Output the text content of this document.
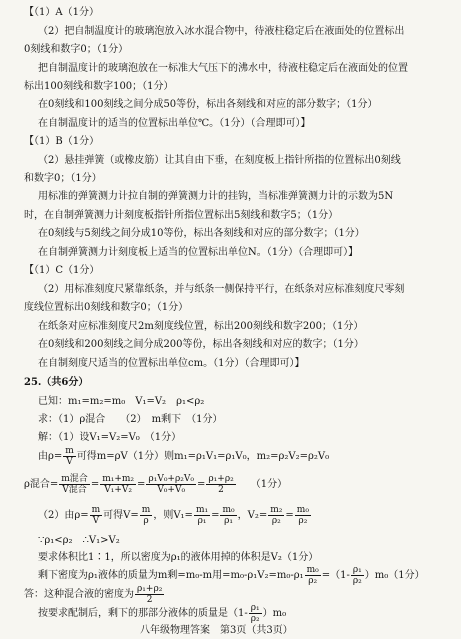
【（1）A（1分）
（2）把自制温度计的玻璃泡放入冰水混合物中，待液柱稳定后在液面处的位置标出
0刻线和数字0；（1分）
把自制温度计的玻璃泡放在一标准大气压下的沸水中，待液柱稳定后在液面处的位置
标出100刻线和数字100；（1分）
在0刻线和100刻线之间分成50等份，标出各刻线和对应的部分数字；（1分）
在自制温度计的适当的位置标出单位℃。（1分）（合理即可）】
【（1）B（1分）
（2）悬挂弹簧（或橡皮筋）让其自由下垂，在刻度板上指针所指的位置标出0刻线
和数字0；（1分）
用标准的弹簧测力计拉自制的弹簧测力计的挂钩，当标准弹簧测力计的示数为5N
时，在自制弹簧测力计刻度板指针所指位置标出5刻线和数字5；（1分）
在0刻线与5刻线之间分成10等份，标出各刻线和对应的部分数字；（1分）
在自制弹簧测力计刻度板上适当的位置标出单位N。（1分）（合理即可）】
【（1）C（1分）
（2）用标准刻度尺紧靠纸条，并与纸条一侧保持平行，在纸条对应标准刻度尺零刻
度线位置标出0刻线和数字0；（1分）
在纸条对应标准刻度尺2m刻度线位置，标出200刻线和数字200；（1分）
在0刻线和200刻线之间分成200等份，标出各刻线和对应的数字；（1分）
在自制刻度尺适当的位置标出单位cm。（1分）（合理即可）】
25.（共6分）
已知：m₁=m₂=m₀　V₁=V₂　ρ₁<ρ₂
求：（1）ρ混合　　（2）　m剩下　（1分）
解：（1）设V₁=V₂=V₀　（1分）
由$\rho= \frac{m}{V}$ 可得m=ρV（1分）则m₁=ρ₁V₁=ρ₁V₀，m₂=ρ₂V₂=ρ₂V₀
ρ混合= $\frac{\text{m混合}}{\text{V混合}} = \frac{\text{m₁+m₂}}{\text{V₁+V₂}} = \frac{\text{ρ₁V₀+ρ₂V₀}}{\text{V₀+V₀}} = \frac{\text{ρ₁+ρ₂}}{2} (1$分）
（2）由$\rho= \frac{m}{V}$ 可得$V= \frac{m}{\rho}$ ，则$V_1= \frac{\text{m₁}}{\text{ρ₁}} = \frac{\text{m₀}}{\text{ρ₁}}$ ，$V_2= \frac{\text{m₂}}{\text{ρ₂}} = \frac{\text{m₀}}{\text{ρ₂}}$
∵ρ₁<ρ₂　∴V₁>V₂
要求体积比1∶1，所以密度为ρ₁的液体用掉的体积是V₂（1分）
剩下密度为ρ₁液体的质量为m剩=m₀-m用$=m_0-\rho_1V_2=m_0-\rho_1 \frac{\text{m₀}}{\text{ρ₂}} =(1- \frac{\text{ρ₁}}{\text{ρ₂}} )m_0(1$分）
答：这种混合液的密度为 $\frac{\text{ρ₁+ρ₂}}{2}$
按要求配制后，剩下的那部分液体的质量是$(1- \frac{\text{ρ₁}}{\text{ρ₂}} )m_0$
八年级物理答案　第3页（共3页）
